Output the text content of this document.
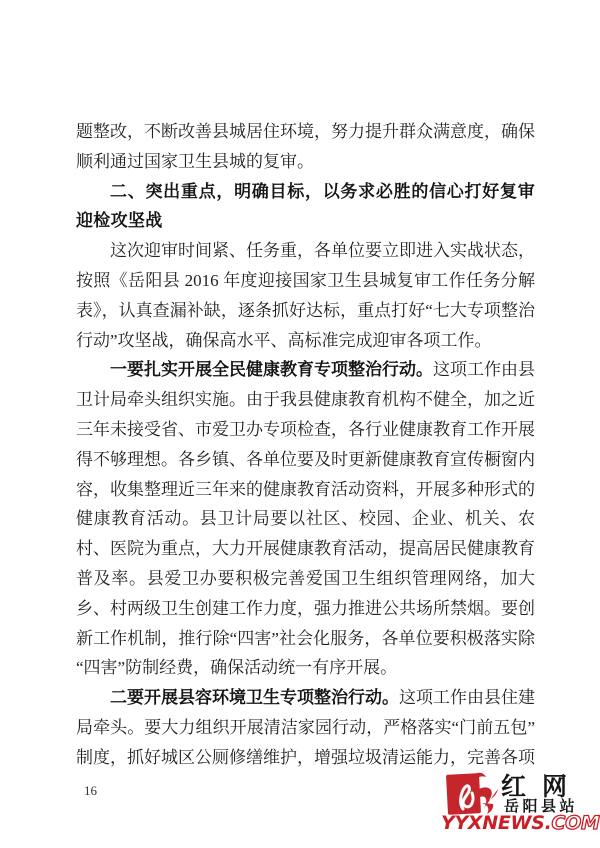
题整改，不断改善县城居住环境，努力提升群众满意度，确保顺利通过国家卫生县城的复审。

二、突出重点，明确目标，以务求必胜的信心打好复审迎检攻坚战

这次迎审时间紧、任务重，各单位要立即进入实战状态，按照《岳阳县 2016 年度迎接国家卫生县城复审工作任务分解表》，认真查漏补缺，逐条抓好达标，重点打好“七大专项整治行动”攻坚战，确保高水平、高标准完成迎审各项工作。

一要扎实开展全民健康教育专项整治行动。这项工作由县卫计局牵头组织实施。由于我县健康教育机构不健全，加之近三年未接受省、市爱卫办专项检查，各行业健康教育工作开展得不够理想。各乡镇、各单位要及时更新健康教育宣传橱窗内容，收集整理近三年来的健康教育活动资料，开展多种形式的健康教育活动。县卫计局要以社区、校园、企业、机关、农村、医院为重点，大力开展健康教育活动，提高居民健康教育普及率。县爱卫办要积极完善爱国卫生组织管理网络，加大乡、村两级卫生创建工作力度，强力推进公共场所禁烟。要创新工作机制，推行除“四害”社会化服务，各单位要积极落实除“四害”防制经费，确保活动统一有序开展。

二要开展县容环境卫生专项整治行动。这项工作由县住建局牵头。要大力组织开展清洁家园行动，严格落实“门前五包”制度，抓好城区公厕修缮维护，增强垃圾清运能力，完善各项

16	红网
岳阳县站
YYXNEWS.COM
